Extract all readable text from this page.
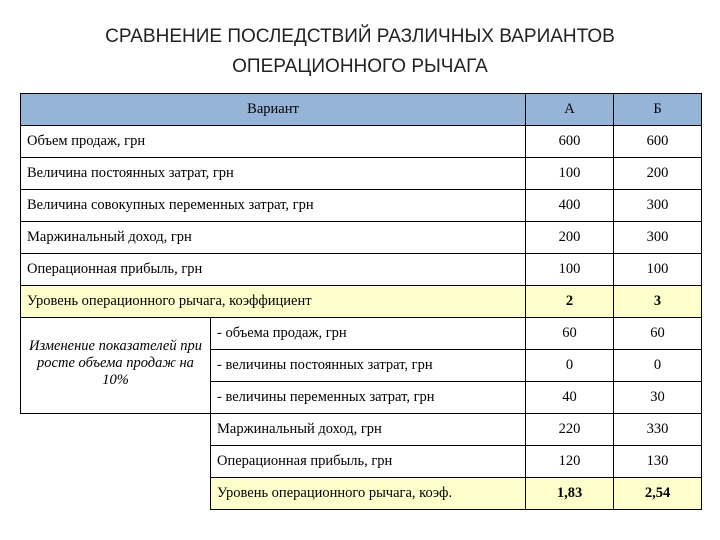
СРАВНЕНИЕ ПОСЛЕДСТВИЙ РАЗЛИЧНЫХ ВАРИАНТОВ
ОПЕРАЦИОННОГО РЫЧАГА
Вариант		А	Б
Объем продаж, грн		600	600
Величина постоянных затрат, грн		100	200
Величина совокупных переменных затрат, грн		400	300
Маржинальный доход, грн		200	300
Операционная прибыль, грн		100	100
Уровень операционного рычага, коэффициент		2	3
Изменение показателей при росте объема продаж на 10%	- объема продаж, грн	60	60
	- величины постоянных затрат, грн	0	0
	- величины переменных затрат, грн	40	30
	Маржинальный доход, грн	220	330
	Операционная прибыль, грн	120	130
	Уровень операционного рычага, коэф.	1,83	2,54
